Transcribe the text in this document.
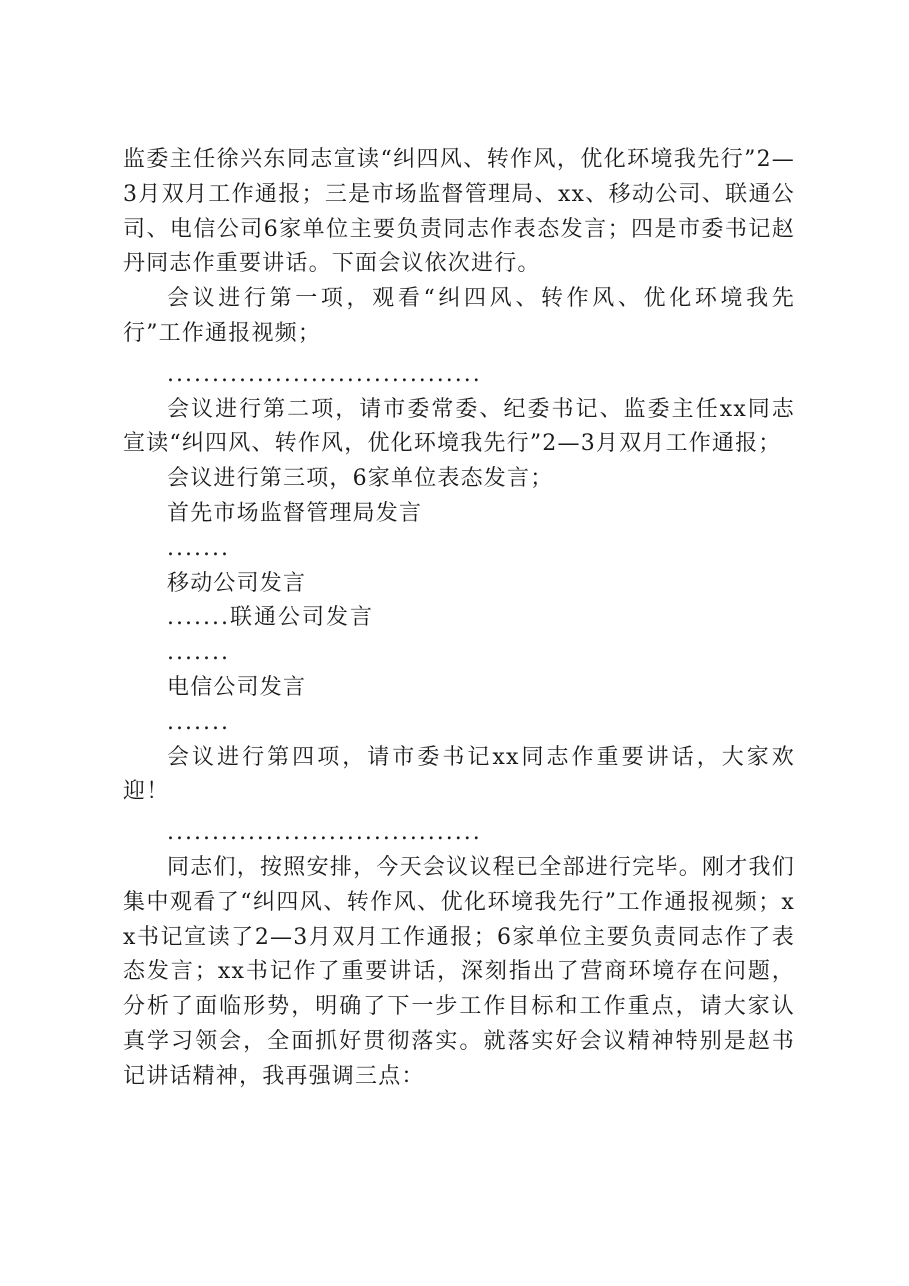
监委主任徐兴东同志宣读“纠四风、转作风，优化环境我先行”2—3月双月工作通报；三是市场监督管理局、xx、移动公司、联通公司、电信公司6家单位主要负责同志作表态发言；四是市委书记赵丹同志作重要讲话。下面会议依次进行。

会议进行第一项，观看“纠四风、转作风、优化环境我先行”工作通报视频；

...................................

会议进行第二项，请市委常委、纪委书记、监委主任xx同志宣读“纠四风、转作风，优化环境我先行”2—3月双月工作通报；

会议进行第三项，6家单位表态发言；

首先市场监督管理局发言

.......

移动公司发言

.......联通公司发言

.......

电信公司发言

.......

会议进行第四项，请市委书记xx同志作重要讲话，大家欢迎！

...................................

同志们，按照安排，今天会议议程已全部进行完毕。刚才我们集中观看了“纠四风、转作风、优化环境我先行”工作通报视频；xx书记宣读了2—3月双月工作通报；6家单位主要负责同志作了表态发言；xx书记作了重要讲话，深刻指出了营商环境存在问题，分析了面临形势，明确了下一步工作目标和工作重点，请大家认真学习领会，全面抓好贯彻落实。就落实好会议精神特别是赵书记讲话精神，我再强调三点：
